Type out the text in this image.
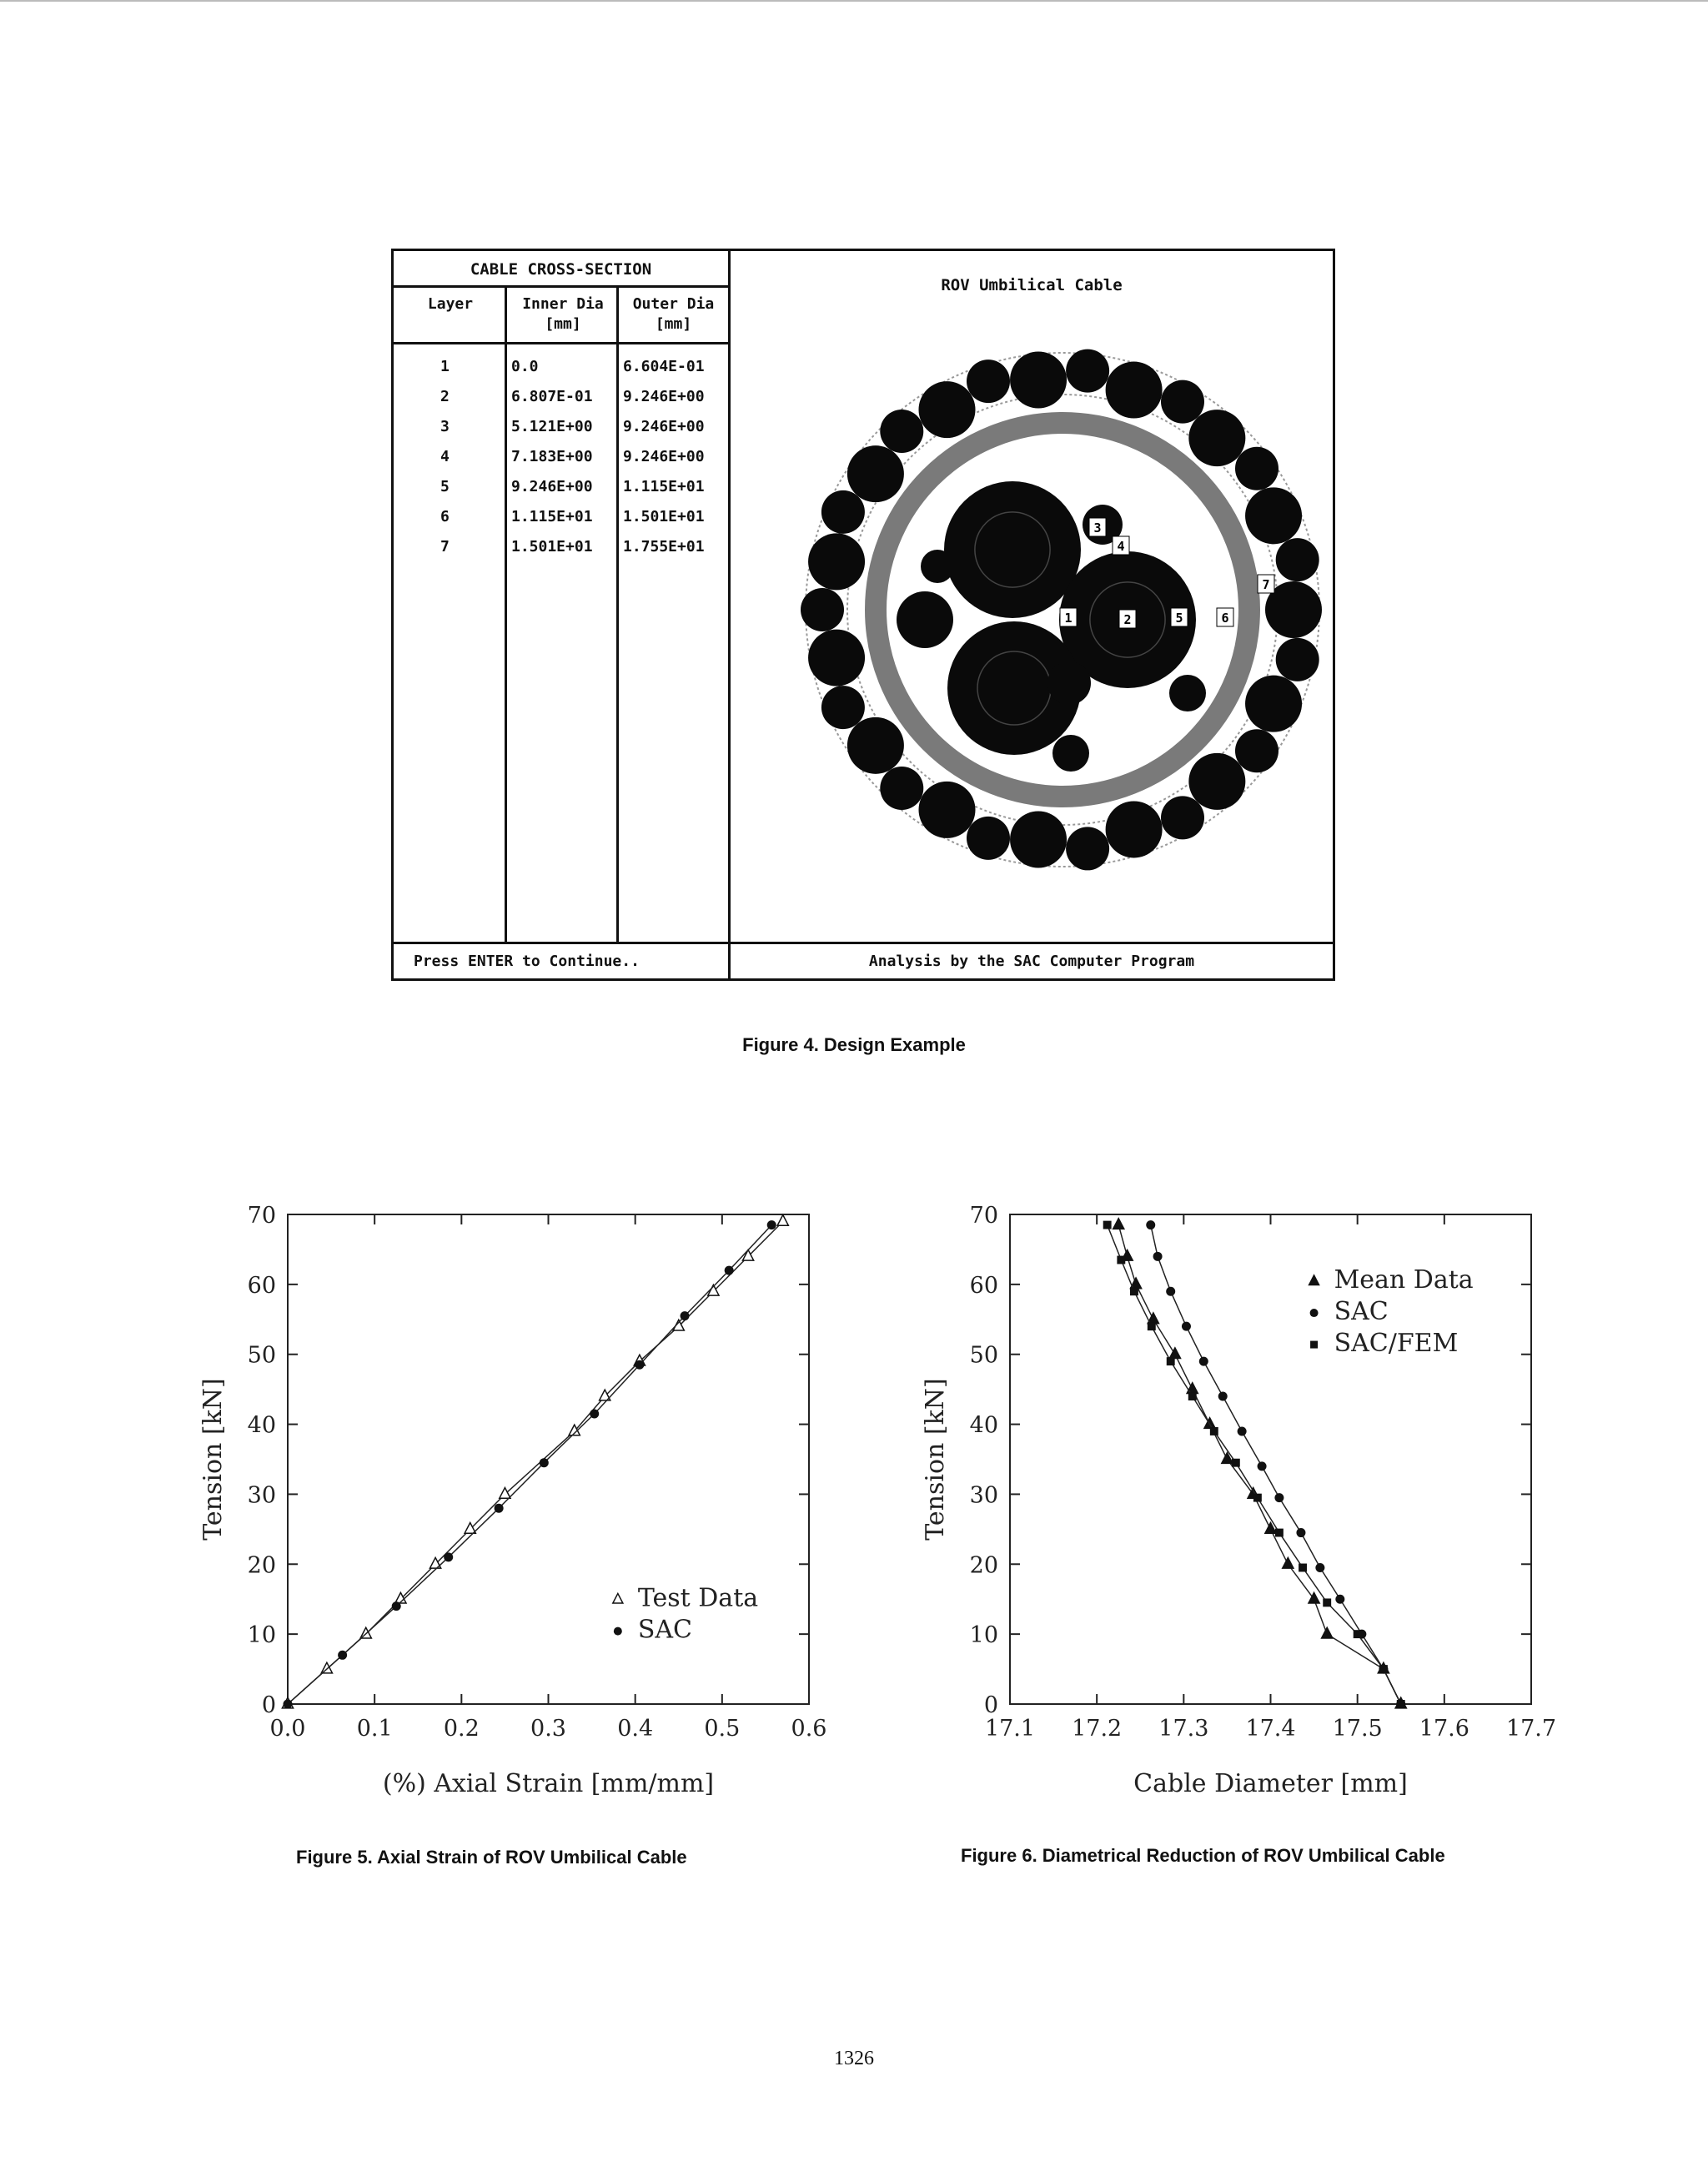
CABLE CROSS-SECTION
Layer	Inner Dia
[mm]
Outer Dia
[mm]
1	0.0	6.604E-01
2	6.807E-01 9.246E+00
3	5.121E+00 9.246E+00
4	7.183E+00 9.246E+00
5	9.246E+00 1.115E+01
6	1.115E+01 1.501E+01
7	1.501E+01 1.755E+01
Press ENTER to Continue..
ROV Umbilical Cable
1	2
3
4
5	6
7
Analysis by the SAC Computer Program
Figure 4. Design Example
0.0 0.1 0.2 0.3 0.4 0.5 0.6
0
10
20
30
40
50
60
70
(%) Axial Strain [mm/mm]
Tension [kN]
Test Data
SAC
Figure 5. Axial Strain of ROV Umbilical Cable
17.1 17.2 17.3 17.4 17.5 17.6 17.7
0
10
20
30
40
50
60
70
Cable Diameter [mm]
Tension [kN]
Mean Data
SAC
SAC/FEM
Figure 6. Diametrical Reduction of ROV Umbilical Cable
1326
